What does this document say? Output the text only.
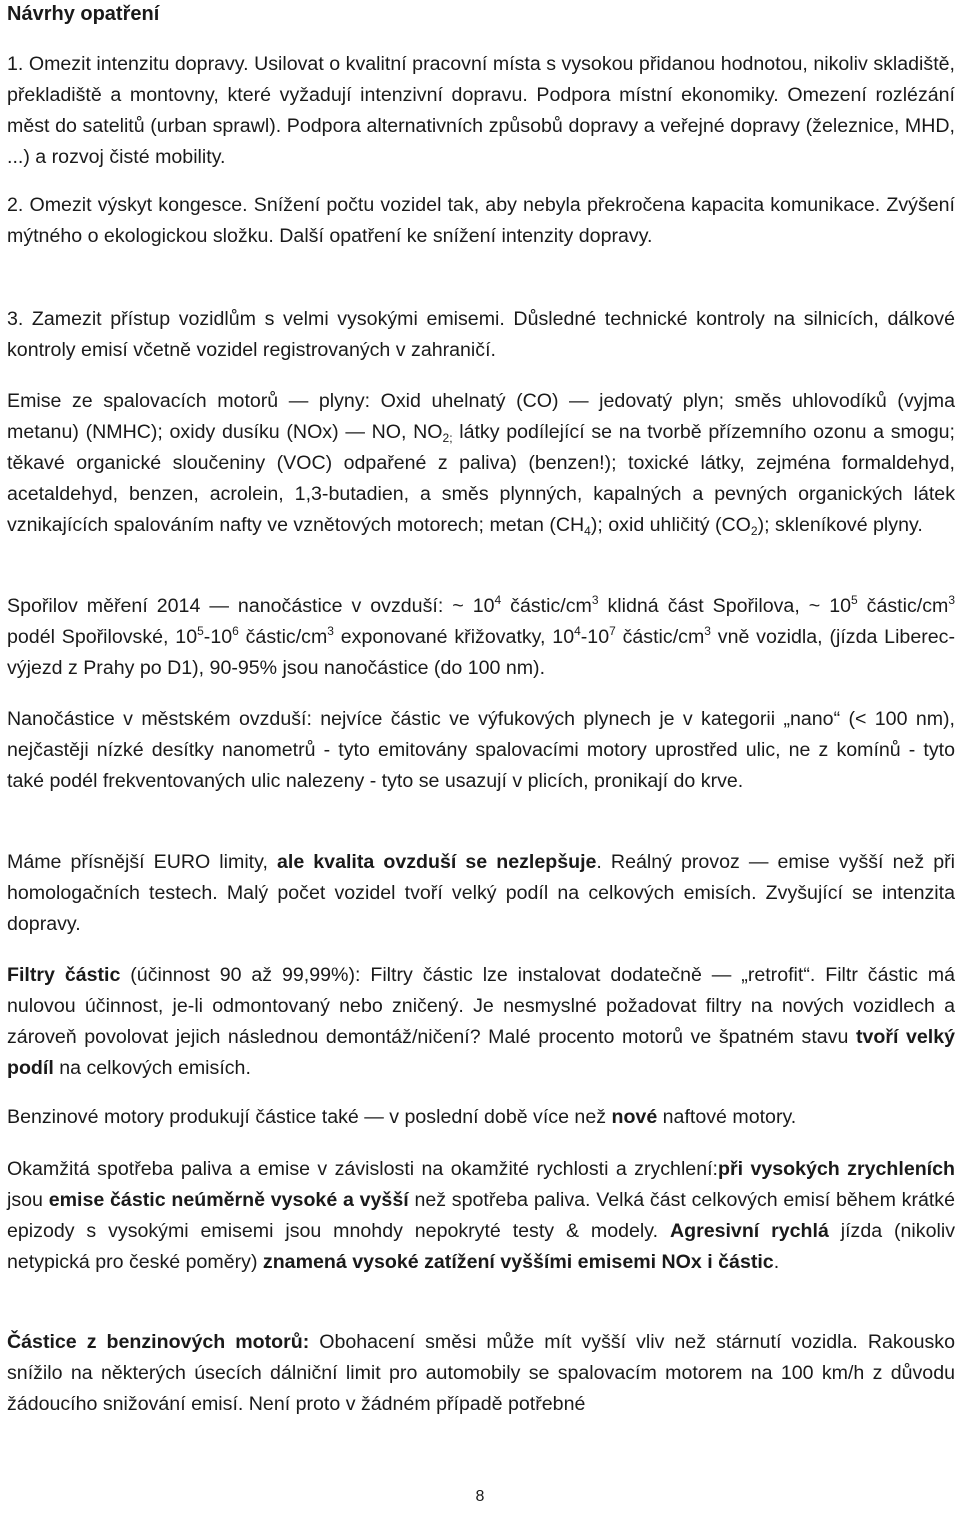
Návrhy opatření

1. Omezit intenzitu dopravy. Usilovat o kvalitní pracovní místa s vysokou přidanou hodnotou, nikoliv skladiště, překladiště a montovny, které vyžadují intenzivní dopravu. Podpora místní ekonomiky. Omezení rozlézání měst do satelitů (urban sprawl). Podpora alternativních způsobů dopravy a veřejné dopravy (železnice, MHD, ...) a rozvoj čisté mobility.

2. Omezit výskyt kongesce. Snížení počtu vozidel tak, aby nebyla překročena kapacita komunikace. Zvýšení mýtného o ekologickou složku. Další opatření ke snížení intenzity dopravy.

3. Zamezit přístup vozidlům s velmi vysokými emisemi. Důsledné technické kontroly na silnicích, dálkové kontroly emisí včetně vozidel registrovaných v zahraničí.

Emise ze spalovacích motorů — plyny: Oxid uhelnatý (CO) — jedovatý plyn; směs uhlovodíků (vyjma metanu) (NMHC); oxidy dusíku (NOx) — NO, $NO_{2;}$ látky podílející se na tvorbě přízemního ozonu a smogu; těkavé organické sloučeniny (VOC) odpařené z paliva) (benzen!); toxické látky, zejména formaldehyd, acetaldehyd, benzen, acrolein, 1,3-butadien, a směs plynných, kapalných a pevných organických látek vznikajících spalováním nafty ve vznětových motorech; metan $(CH_4)$; oxid uhličitý $(CO_2)$; skleníkové plyny.

Spořilov měření 2014 — nanočástice v ovzduší: ~ $10^4$ částic/$cm^3$ klidná část Spořilova, ~ $10^5$ částic/$cm^3$ podél Spořilovské, $10^5-10^6$ částic/$cm^3$ exponované křižovatky, $10^4-10^7$ částic/$cm^3$ vně vozidla, (jízda Liberec-výjezd z Prahy po D1), 90-95% jsou nanočástice (do 100 nm).

Nanočástice v městském ovzduší: nejvíce částic ve výfukových plynech je v kategorii „nano“ (< 100 nm), nejčastěji nízké desítky nanometrů - tyto emitovány spalovacími motory uprostřed ulic, ne z komínů - tyto také podél frekventovaných ulic nalezeny - tyto se usazují v plicích, pronikají do krve.

Máme přísnější EURO limity, ale kvalita ovzduší se nezlepšuje. Reálný provoz — emise vyšší než při homologačních testech. Malý počet vozidel tvoří velký podíl na celkových emisích. Zvyšující se intenzita dopravy.

Filtry částic (účinnost 90 až 99,99%): Filtry částic lze instalovat dodatečně — „retrofit“. Filtr částic má nulovou účinnost, je-li odmontovaný nebo zničený. Je nesmyslné požadovat filtry na nových vozidlech a zároveň povolovat jejich následnou demontáž/ničení? Malé procento motorů ve špatném stavu tvoří velký podíl na celkových emisích.

Benzinové motory produkují částice také — v poslední době více než nové naftové motory.

Okamžitá spotřeba paliva a emise v závislosti na okamžité rychlosti a zrychlení:při vysokých zrychleních jsou emise částic neúměrně vysoké a vyšší než spotřeba paliva. Velká část celkových emisí během krátké epizody s vysokými emisemi jsou mnohdy nepokryté testy & modely. Agresivní rychlá jízda (nikoliv netypická pro české poměry) znamená vysoké zatížení vyššími emisemi NOx i částic.

Částice z benzinových motorů: Obohacení směsi může mít vyšší vliv než stárnutí vozidla. Rakousko snížilo na některých úsecích dálniční limit pro automobily se spalovacím motorem na 100 km/h z důvodu žádoucího snižování emisí. Není proto v žádném případě potřebné

8
